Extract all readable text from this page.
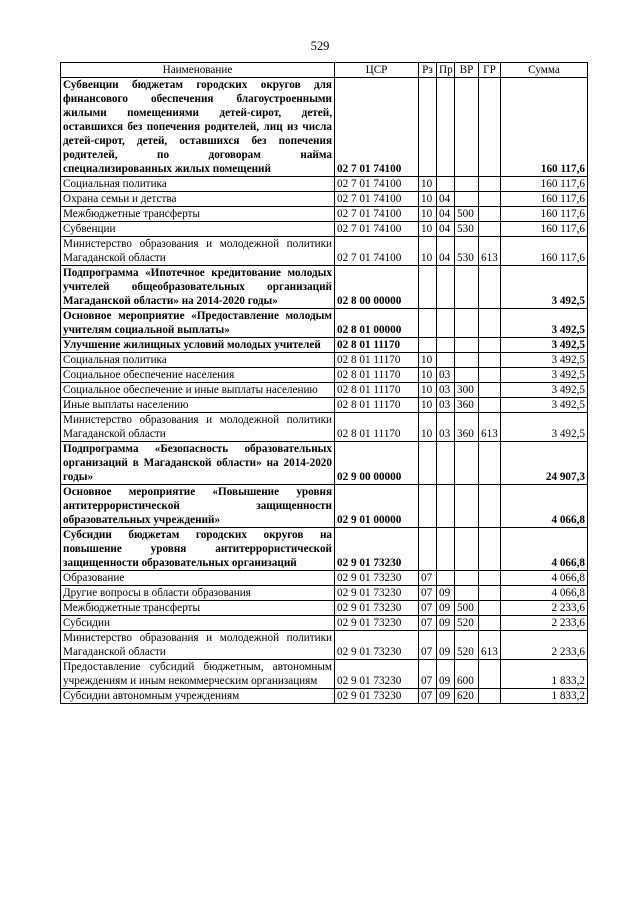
529
Наименование	ЦСР	Рз	Пр	ВР	ГР	Сумма
Субвенции бюджетам городских округов для финансового обеспечения благоустроенными жилыми помещениями детей-сирот, детей, оставшихся без попечения родителей, лиц из числа детей-сирот, детей, оставшихся без попечения родителей, по договорам найма специализированных жилых помещений	02 7 01 74100					160 117,6
Социальная политика	02 7 01 74100	10				160 117,6
Охрана семьи и детства	02 7 01 74100	10	04			160 117,6
Межбюджетные трансферты	02 7 01 74100	10	04	500		160 117,6
Субвенции	02 7 01 74100	10	04	530		160 117,6
Министерство образования и молодежной политики Магаданской области	02 7 01 74100	10	04	530	613	160 117,6
Подпрограмма «Ипотечное кредитование молодых учителей общеобразовательных организаций Магаданской области» на 2014-2020 годы»	02 8 00 00000					3 492,5
Основное мероприятие «Предоставление молодым учителям социальной выплаты»	02 8 01 00000					3 492,5
Улучшение жилищных условий молодых учителей	02 8 01 11170					3 492,5
Социальная политика	02 8 01 11170	10				3 492,5
Социальное обеспечение населения	02 8 01 11170	10	03			3 492,5
Социальное обеспечение и иные выплаты населению	02 8 01 11170	10	03	300		3 492,5
Иные выплаты населению	02 8 01 11170	10	03	360		3 492,5
Министерство образования и молодежной политики Магаданской области	02 8 01 11170	10	03	360	613	3 492,5
Подпрограмма «Безопасность образовательных организаций в Магаданской области» на 2014-2020 годы»	02 9 00 00000					24 907,3
Основное мероприятие «Повышение уровня антитеррористической защищенности образовательных учреждений»	02 9 01 00000					4 066,8
Субсидии бюджетам городских округов на повышение уровня антитеррористической защищенности образовательных организаций	02 9 01 73230					4 066,8
Образование	02 9 01 73230	07				4 066,8
Другие вопросы в области образования	02 9 01 73230	07	09			4 066,8
Межбюджетные трансферты	02 9 01 73230	07	09	500		2 233,6
Субсидии	02 9 01 73230	07	09	520		2 233,6
Министерство образования и молодежной политики Магаданской области	02 9 01 73230	07	09	520	613	2 233,6
Предоставление субсидий бюджетным, автономным учреждениям и иным некоммерческим организациям	02 9 01 73230	07	09	600		1 833,2
Субсидии автономным учреждениям	02 9 01 73230	07	09	620		1 833,2
